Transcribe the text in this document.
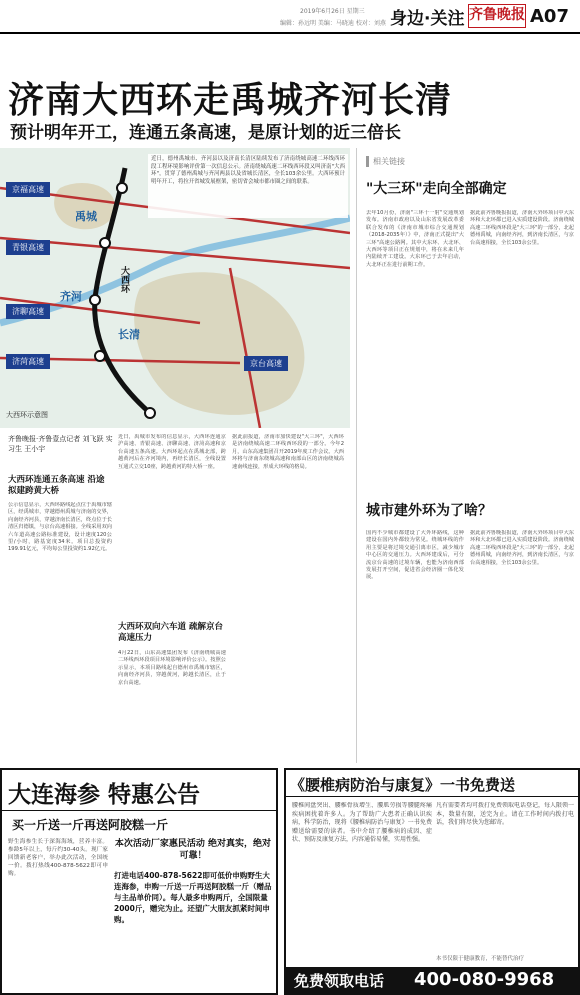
2019年6月26日 星期三
编辑：孙远明 美编：马晓迪 校对：刘燕 身边·关注 齐鲁晚报 A07
济南大西环走禹城齐河长清
预计明年开工，连通五条高速，是原计划的近三倍长
近日，德州禹城市、齐河县以及济南长清区陆续发布了济南绕城高速二环线西环段工程环境影响评价第一次信息公示。济南绕城高速二环线西环段又叫济南"大西环"，贯穿了德州禹城与齐河两县以及省城长清区，全长103余公里。大西环预计明年开工，将拉开省城发展框架，密切省会城市都市圈之间的联系。
京福高速
青银高速
济聊高速
济菏高速	京台高速
禹城
齐河
长清
大西环
大西环示意图
齐鲁晚报·齐鲁壹点记者 刘飞跃 实习生 王小宇
大西环连通五条高速 沿途拟建跨黄大桥
公示信息显示，大西环路线起点位于禹城市辖区，经禹城市，穿越德州禹城与济南的交界，向南经齐河县，穿越济南长清区，终点位于长清区归德镇，与京台高速相接。全线采用双向六车道高速公路标准建设，设计速度120公里/小时，路基宽度34米。项目总投资约199.91亿元，平均每公里投资约1.92亿元。
近日，禹城市发布的信息显示，大西环连通京沪高速、青银高速、济聊高速、济菏高速和京台高速五条高速。大西环起点在禹城北部，跨越黄河后在齐河境内，再经长清区，全线设置互通式立交10座，跨越黄河的特大桥一座。
大西环双向六车道 疏解京台高速压力
4月22日，山东高速集团发布《济南绕城高速二环线西环段项目环境影响评价公示》。按照公示显示，本项目路线起自德州市禹城市辖区，向南经齐河县，穿越黄河，跨越长清区，止于京台高速。
据此前报道，济南市加快建设"大三环"，大西环是济南绕城高速二环线西环段的一部分。今年2月，山东高速集团召开2019年度工作会议。大西环将与济南东绕城高速和南部山区的济南绕城高速南线连接，形成大环线的格局。
相关链接
"大三环"走向全部确定
去年10月份，济南"三环十一射"交通规划发布。济南市政府以及山东省发展改革委联合发布的《济南市城市综合交通规划（2018-2035年）》中，济南正式提出"大三环"高速公路网。其中大东环、大北环、大西环等项目正在规划中，将在未来几年内陆续开工建设。大东环已于去年启动，大北环正在进行前期工作。
据此前齐鲁晚报报道，济南大外环项目中大东环和大北环都已进入实质建设阶段。济南绕城高速二环线西环段是"大三环"的一部分，北起德州禹城，向南经齐河，到济南长清区，与京台高速相接，全长103余公里。
城市建外环为了啥？
国内不少城市都建设了大外环路线，这种建设在国内外都较为常见。绕城环线的作用主要是将过境交通引离市区，减少城市中心区的交通压力。大西环建成后，可分流京台高速的过境车辆，也能为济南西部发展打开空间，促进省会经济圈一体化发展。
据此前齐鲁晚报报道，济南大外环项目中大东环和大北环都已进入实质建设阶段。济南绕城高速二环线西环段是"大三环"的一部分，北起德州禹城，向南经齐河，到济南长清区，与京台高速相接，全长103余公里。
大连海参 特惠公告
买一斤送一斤再送阿胶糕一斤
野生海参生长于深海海域，营养丰富。参龄5年以上，每斤约30-40头。现厂家回馈新老客户，举办此次活动，全国统一价。拨打热线400-878-5622即可申购。
本次活动厂家惠民活动 绝对真实，绝对可靠！
打进电话400-878-5622即可低价申购野生大连海参，申购一斤送一斤再送阿胶糕一斤（赠品与主品单价同）。每人最多申购两斤，全国限量2000斤，赠完为止。还望广大朋友抓紧时间申购。
《腰椎病防治与康复》一书免费送
腰椎间盘突出、腰椎骨质增生、腰肌劳损等腰腿疼痛疾病困扰着许多人。为了帮助广大患者正确认识疾病，科学防治，现将《腰椎病防治与康复》一书免费赠送给需要的读者。书中介绍了腰椎病的成因、症状、预防及康复方法，内容通俗易懂，实用性强。
凡有需要者均可拨打免费领取电话登记，每人限领一本，数量有限，送完为止。请在工作时间内拨打电话，我们将尽快为您邮寄。
本书仅限于健康教育，不能替代治疗
免费领取电话 400-080-9968
